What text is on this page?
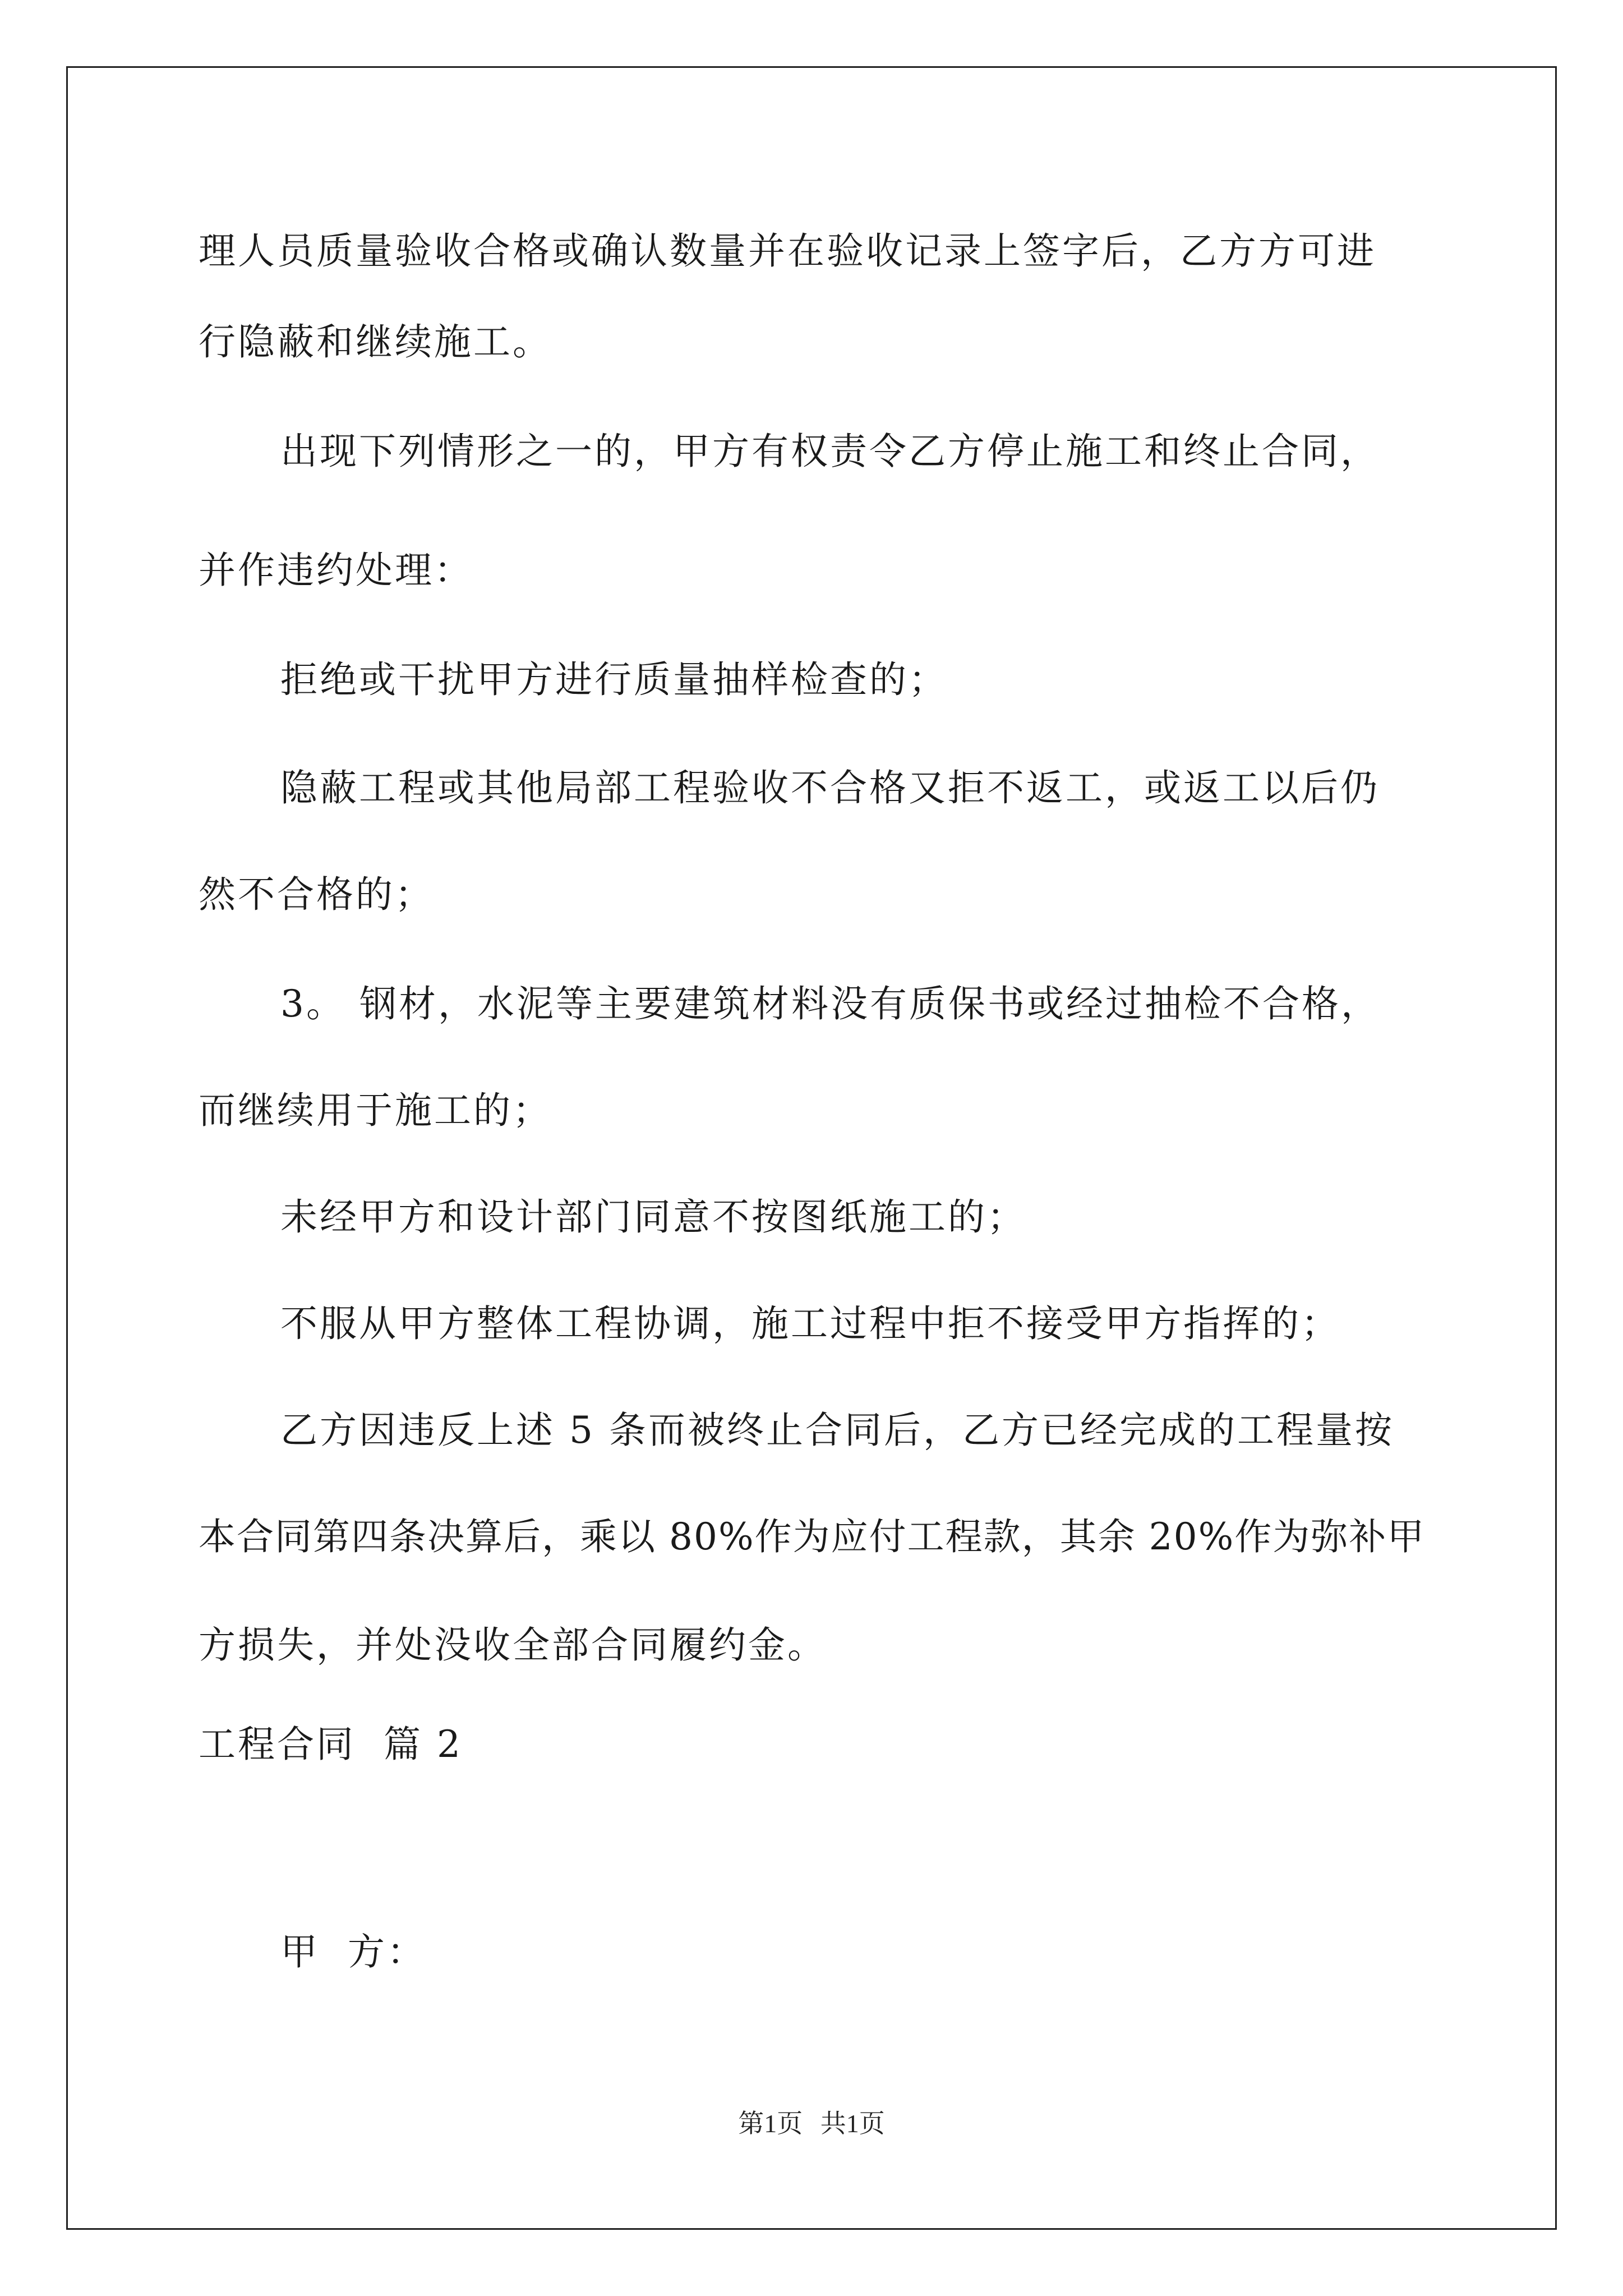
理人员质量验收合格或确认数量并在验收记录上签字后，乙方方可进

行隐蔽和继续施工。

出现下列情形之一的，甲方有权责令乙方停止施工和终止合同，

并作违约处理：

拒绝或干扰甲方进行质量抽样检查的；

隐蔽工程或其他局部工程验收不合格又拒不返工，或返工以后仍

然不合格的；

3。 钢材，水泥等主要建筑材料没有质保书或经过抽检不合格，

而继续用于施工的；

未经甲方和设计部门同意不按图纸施工的；

不服从甲方整体工程协调，施工过程中拒不接受甲方指挥的；

乙方因违反上述 5 条而被终止合同后，乙方已经完成的工程量按

本合同第四条决算后，乘以 80%作为应付工程款，其余 20%作为弥补甲

方损失，并处没收全部合同履约金。

工程合同  篇 2

甲  方：

第1页 共1页
